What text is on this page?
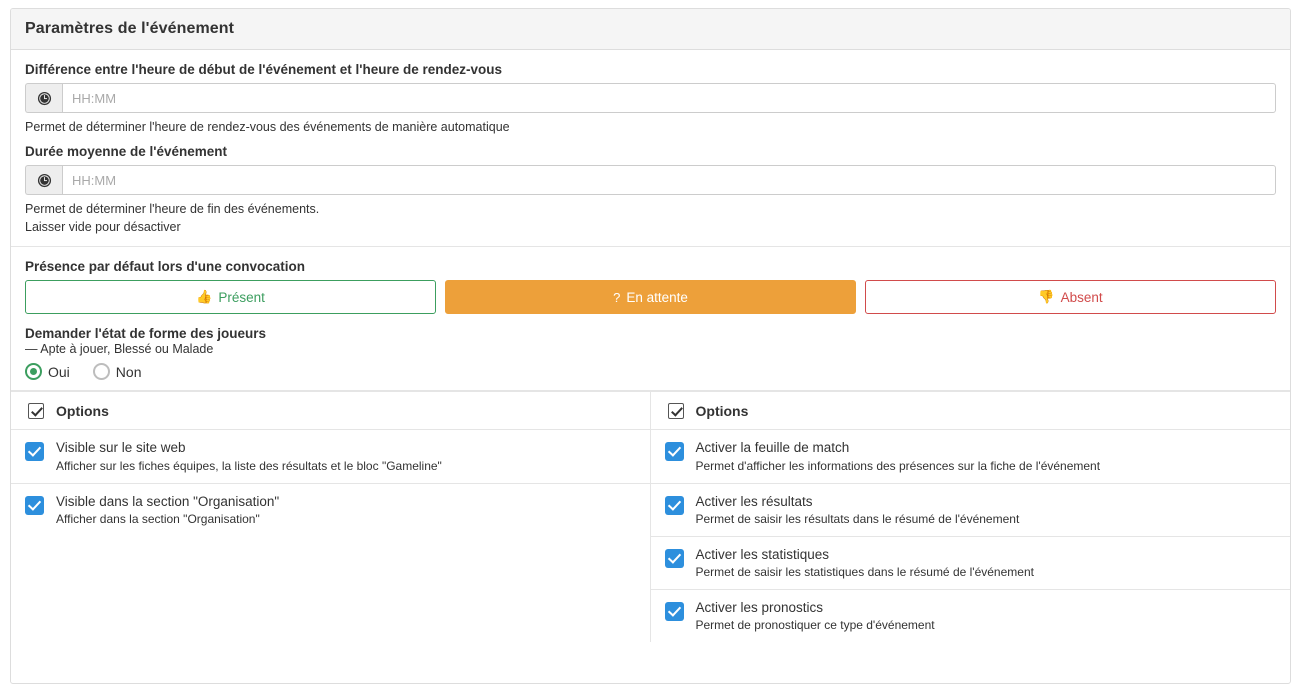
Paramètres de l'événement
Différence entre l'heure de début de l'événement et l'heure de rendez-vous
HH:MM
Permet de déterminer l'heure de rendez-vous des événements de manière automatique
Durée moyenne de l'événement
HH:MM
Permet de déterminer l'heure de fin des événements.
Laisser vide pour désactiver
Présence par défaut lors d'une convocation
👍 Présent	? En attente	👎 Absent
Demander l'état de forme des joueurs
— Apte à jouer, Blessé ou Malade
Oui	Non
Options
Visible sur le site web
Afficher sur les fiches équipes, la liste des résultats et le bloc "Gameline"
Visible dans la section "Organisation"
Afficher dans la section "Organisation"
Options
Activer la feuille de match
Permet d'afficher les informations des présences sur la fiche de l'événement
Activer les résultats
Permet de saisir les résultats dans le résumé de l'événement
Activer les statistiques
Permet de saisir les statistiques dans le résumé de l'événement
Activer les pronostics
Permet de pronostiquer ce type d'événement
